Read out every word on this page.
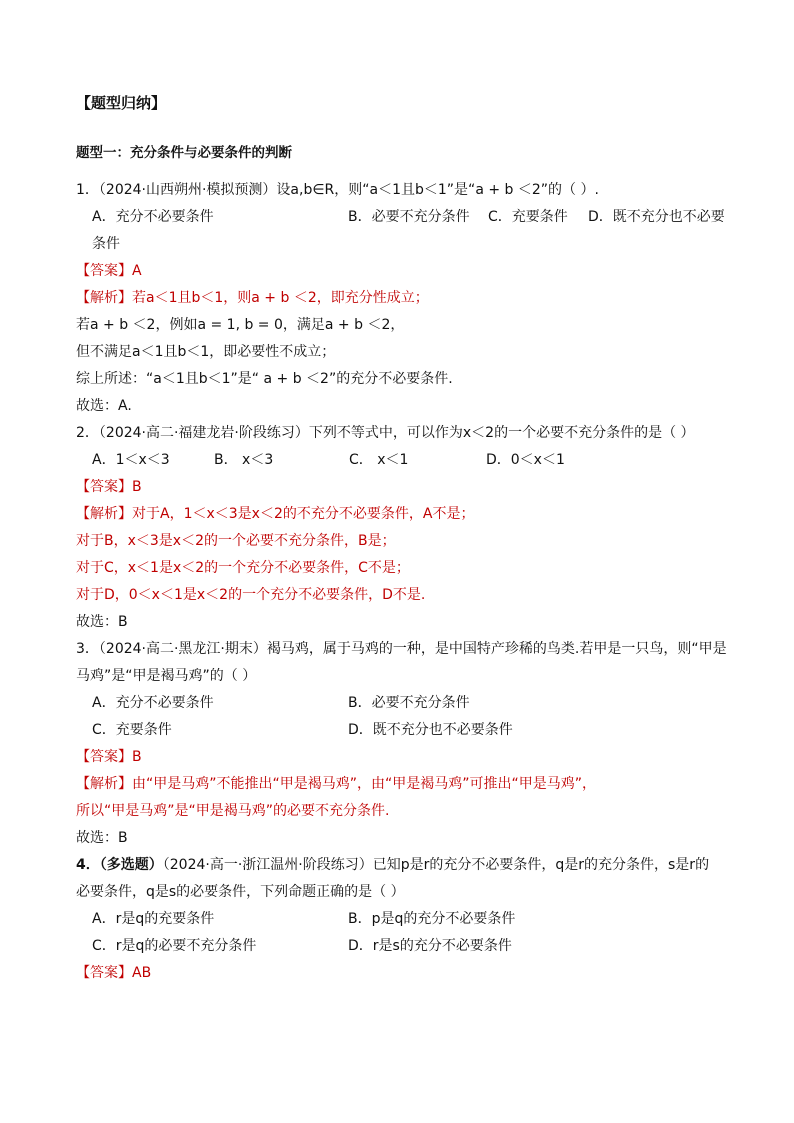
【题型归纳】
题型一：充分条件与必要条件的判断
1．（2024·山西朔州·模拟预测）设a,b∈R，则“a＜1且b＜1”是“a + b ＜2”的（ ）.
A．充分不必要条件	B．必要不充分条件	C．充要条件	D．既不充分也不必要
条件
【答案】A
【解析】若a＜1且b＜1，则a + b ＜2，即充分性成立；
若a + b ＜2，例如a = 1, b = 0，满足a + b ＜2，
但不满足a＜1且b＜1，即必要性不成立；
综上所述：“a＜1且b＜1”是“ a + b ＜2”的充分不必要条件.
故选：A.
2．（2024·高二·福建龙岩·阶段练习）下列不等式中，可以作为x＜2的一个必要不充分条件的是（ ）
A．1＜x＜3	B． x＜3	C． x＜1	D．0＜x＜1
【答案】B
【解析】对于A，1＜x＜3是x＜2的不充分不必要条件，A不是；
对于B，x＜3是x＜2的一个必要不充分条件，B是；
对于C，x＜1是x＜2的一个充分不必要条件，C不是；
对于D，0＜x＜1是x＜2的一个充分不必要条件，D不是.
故选：B
3．（2024·高二·黑龙江·期末）褐马鸡，属于马鸡的一种，是中国特产珍稀的鸟类.若甲是一只鸟，则“甲是
马鸡”是“甲是褐马鸡”的（ ）
A．充分不必要条件	B．必要不充分条件
C．充要条件	D．既不充分也不必要条件
【答案】B
【解析】由“甲是马鸡”不能推出“甲是褐马鸡”，由“甲是褐马鸡”可推出“甲是马鸡”，
所以“甲是马鸡”是“甲是褐马鸡”的必要不充分条件.
故选：B
4．（多选题）（2024·高一·浙江温州·阶段练习）已知p是r的充分不必要条件，q是r的充分条件，s是r的
必要条件，q是s的必要条件，下列命题正确的是（ ）
A．r是q的充要条件	B．p是q的充分不必要条件
C．r是q的必要不充分条件	D．r是s的充分不必要条件
【答案】AB
